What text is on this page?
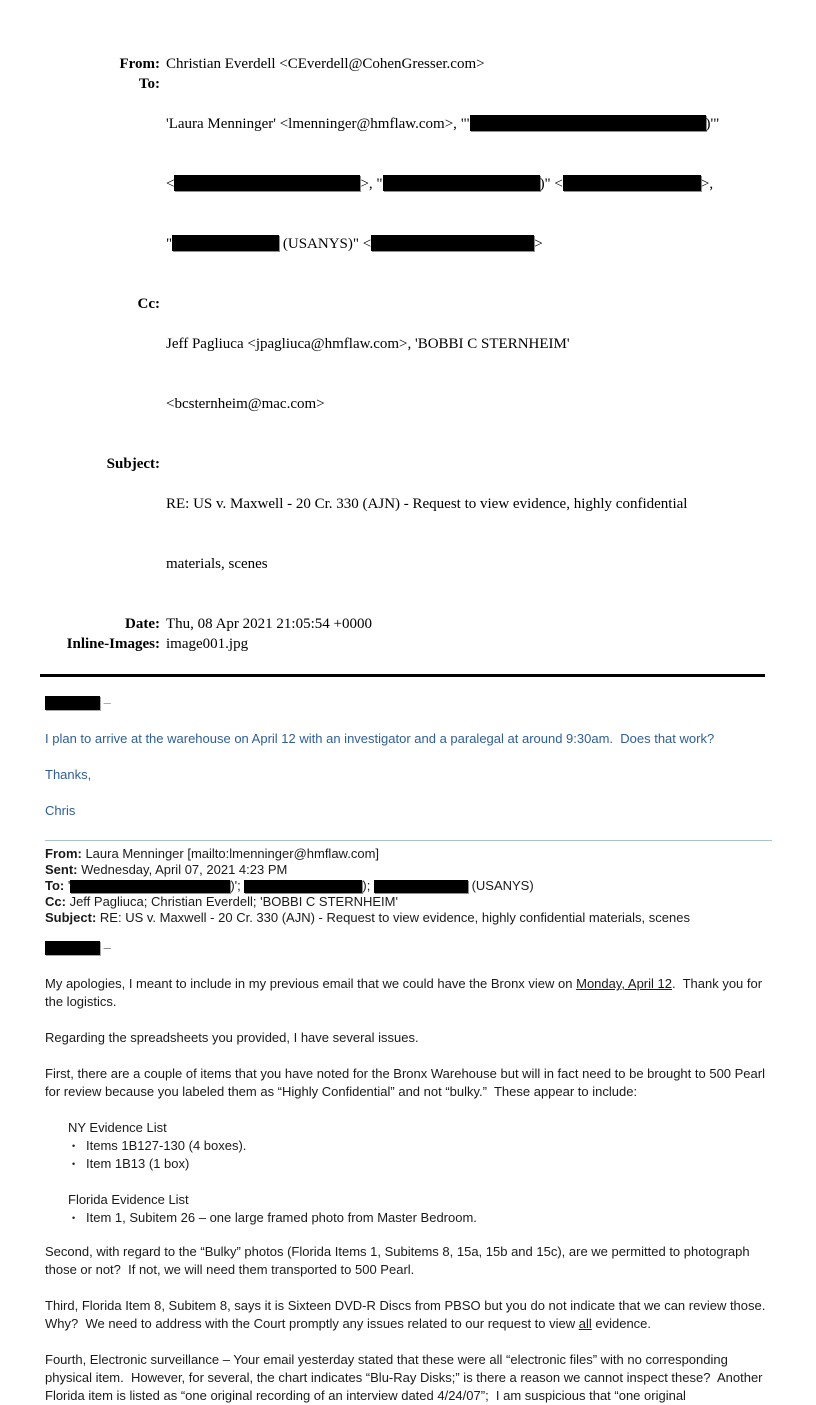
From: Christian Everdell <CEverdell@CohenGresser.com>
To:

'Laura Menninger' <lmenninger@hmflaw.com>, "'	)'"

<	>, "	)" <	>,

"	(USANYS)" <	>

Cc:

Jeff Pagliuca <jpagliuca@hmflaw.com>, 'BOBBI C STERNHEIM'

<bcsternheim@mac.com>

Subject:

RE: US v. Maxwell - 20 Cr. 330 (AJN) - Request to view evidence, highly confidential

materials, scenes

Date: Thu, 08 Apr 2021 21:05:54 +0000
Inline-Images: image001.jpg
–
I plan to arrive at the warehouse on April 12 with an investigator and a paralegal at around 9:30am.  Does that work?
Thanks,
Chris
From: Laura Menninger [mailto:lmenninger@hmflaw.com]
Sent: Wednesday, April 07, 2021 4:23 PM
To: '	)';	);	(USANYS)
Cc: Jeff Pagliuca; Christian Everdell; 'BOBBI C STERNHEIM'
Subject: RE: US v. Maxwell - 20 Cr. 330 (AJN) - Request to view evidence, highly confidential materials, scenes
–
My apologies, I meant to include in my previous email that we could have the Bronx view on Monday, April 12.  Thank you for the logistics.
Regarding the spreadsheets you provided, I have several issues.
First, there are a couple of items that you have noted for the Bronx Warehouse but will in fact need to be brought to 500 Pearl for review because you labeled them as “Highly Confidential” and not “bulky.”  These appear to include:
NY Evidence List
• Items 1B127-130 (4 boxes).
• Item 1B13 (1 box)
Florida Evidence List
• Item 1, Subitem 26 – one large framed photo from Master Bedroom.
Second, with regard to the “Bulky” photos (Florida Items 1, Subitems 8, 15a, 15b and 15c), are we permitted to photograph those or not?  If not, we will need them transported to 500 Pearl.
Third, Florida Item 8, Subitem 8, says it is Sixteen DVD-R Discs from PBSO but you do not indicate that we can review those.  Why?  We need to address with the Court promptly any issues related to our request to view all evidence.
Fourth, Electronic surveillance – Your email yesterday stated that these were all “electronic files” with no corresponding physical item.  However, for several, the chart indicates “Blu-Ray Disks;” is there a reason we cannot inspect these?  Another Florida item is listed as “one original recording of an interview dated 4/24/07”;  I am suspicious that “one original
